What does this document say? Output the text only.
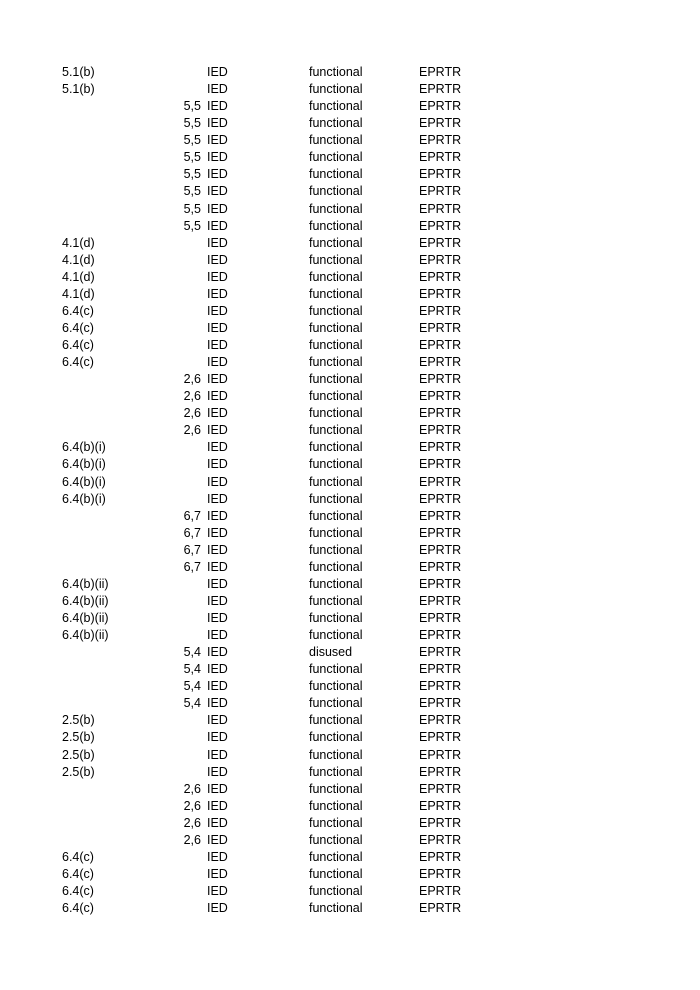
5.1(b)	IED	functional	EPRTR
5.1(b)	IED	functional	EPRTR
5,5 IED	functional	EPRTR
5,5 IED	functional	EPRTR
5,5 IED	functional	EPRTR
5,5 IED	functional	EPRTR
5,5 IED	functional	EPRTR
5,5 IED	functional	EPRTR
5,5 IED	functional	EPRTR
5,5 IED	functional	EPRTR
4.1(d)	IED	functional	EPRTR
4.1(d)	IED	functional	EPRTR
4.1(d)	IED	functional	EPRTR
4.1(d)	IED	functional	EPRTR
6.4(c)	IED	functional	EPRTR
6.4(c)	IED	functional	EPRTR
6.4(c)	IED	functional	EPRTR
6.4(c)	IED	functional	EPRTR
2,6 IED	functional	EPRTR
2,6 IED	functional	EPRTR
2,6 IED	functional	EPRTR
2,6 IED	functional	EPRTR
6.4(b)(i)	IED	functional	EPRTR
6.4(b)(i)	IED	functional	EPRTR
6.4(b)(i)	IED	functional	EPRTR
6.4(b)(i)	IED	functional	EPRTR
6,7 IED	functional	EPRTR
6,7 IED	functional	EPRTR
6,7 IED	functional	EPRTR
6,7 IED	functional	EPRTR
6.4(b)(ii)	IED	functional	EPRTR
6.4(b)(ii)	IED	functional	EPRTR
6.4(b)(ii)	IED	functional	EPRTR
6.4(b)(ii)	IED	functional	EPRTR
5,4 IED	disused	EPRTR
5,4 IED	functional	EPRTR
5,4 IED	functional	EPRTR
5,4 IED	functional	EPRTR
2.5(b)	IED	functional	EPRTR
2.5(b)	IED	functional	EPRTR
2.5(b)	IED	functional	EPRTR
2.5(b)	IED	functional	EPRTR
2,6 IED	functional	EPRTR
2,6 IED	functional	EPRTR
2,6 IED	functional	EPRTR
2,6 IED	functional	EPRTR
6.4(c)	IED	functional	EPRTR
6.4(c)	IED	functional	EPRTR
6.4(c)	IED	functional	EPRTR
6.4(c)	IED	functional	EPRTR
